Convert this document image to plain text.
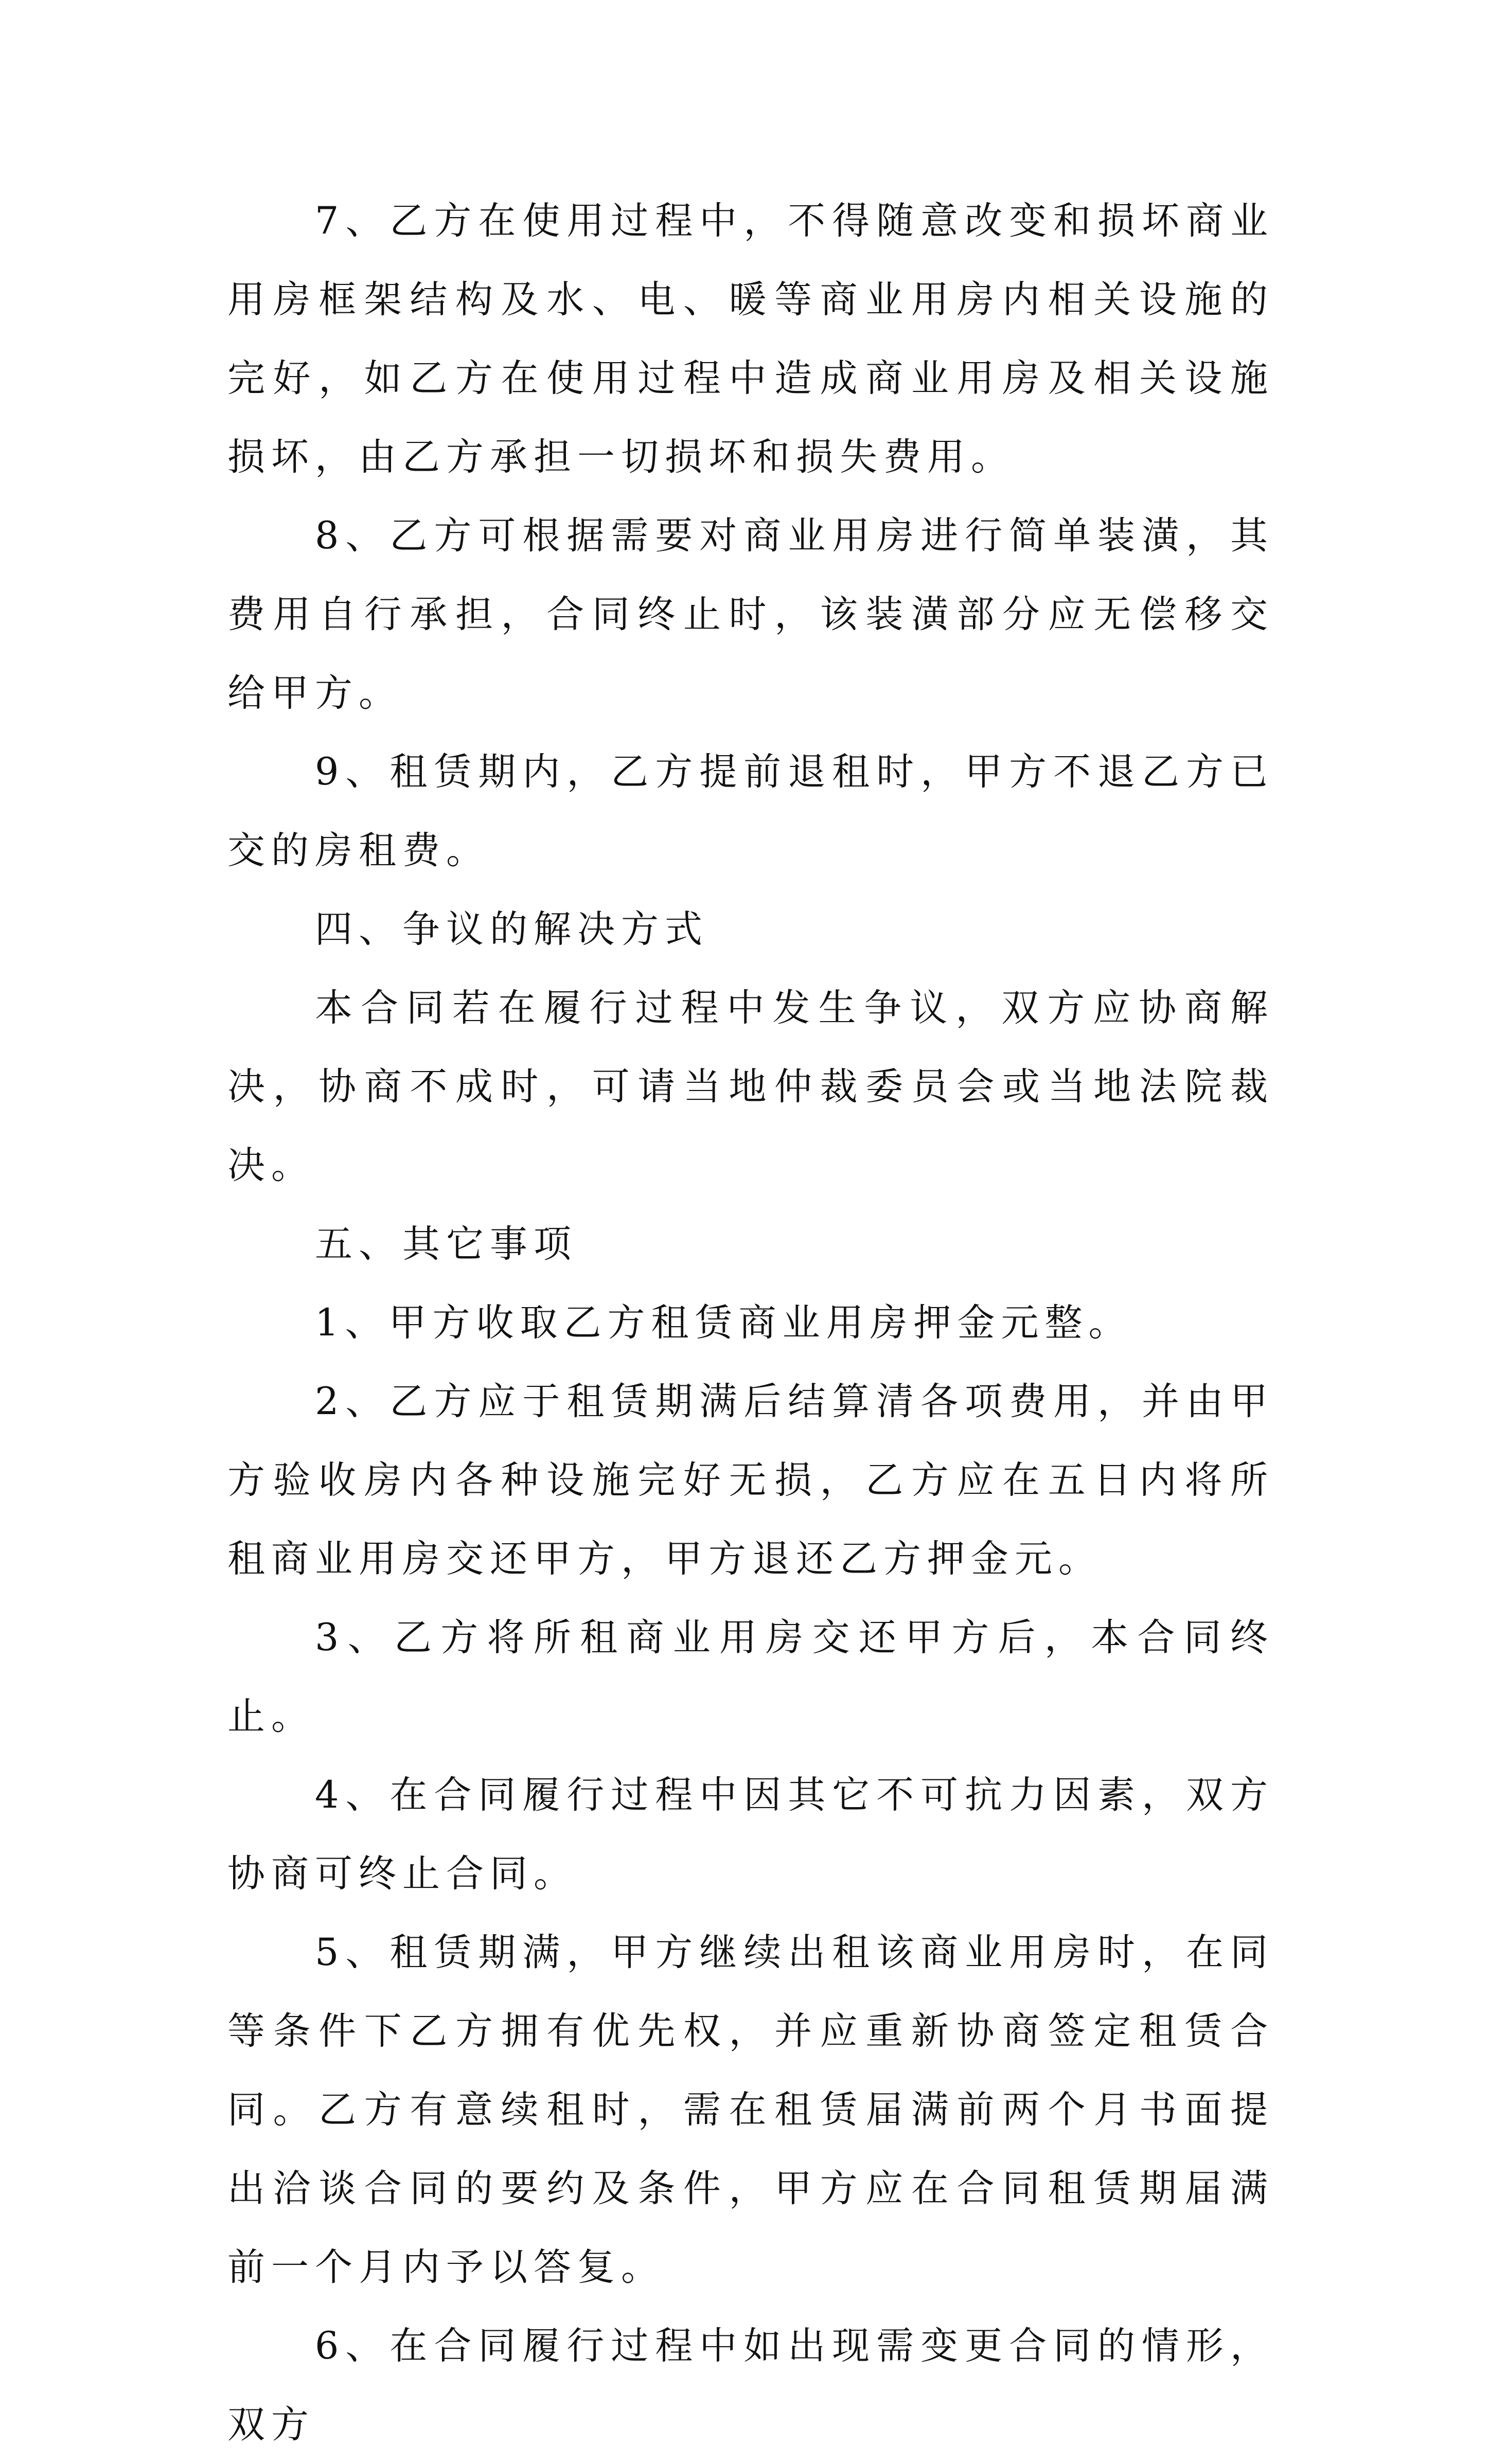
7、乙方在使用过程中，不得随意改变和损坏商业用房框架结构及水、电、暖等商业用房内相关设施的完好，如乙方在使用过程中造成商业用房及相关设施损坏，由乙方承担一切损坏和损失费用。

8、乙方可根据需要对商业用房进行简单装潢，其费用自行承担，合同终止时，该装潢部分应无偿移交给甲方。

9、租赁期内，乙方提前退租时，甲方不退乙方已交的房租费。

四、争议的解决方式

本合同若在履行过程中发生争议，双方应协商解决，协商不成时，可请当地仲裁委员会或当地法院裁决。

五、其它事项

1、甲方收取乙方租赁商业用房押金元整。

2、乙方应于租赁期满后结算清各项费用，并由甲方验收房内各种设施完好无损，乙方应在五日内将所租商业用房交还甲方，甲方退还乙方押金元。

3、乙方将所租商业用房交还甲方后，本合同终止。

4、在合同履行过程中因其它不可抗力因素，双方协商可终止合同。

5、租赁期满，甲方继续出租该商业用房时，在同等条件下乙方拥有优先权，并应重新协商签定租赁合同。乙方有意续租时，需在租赁届满前两个月书面提出洽谈合同的要约及条件，甲方应在合同租赁期届满前一个月内予以答复。

6、在合同履行过程中如出现需变更合同的情形，双方
